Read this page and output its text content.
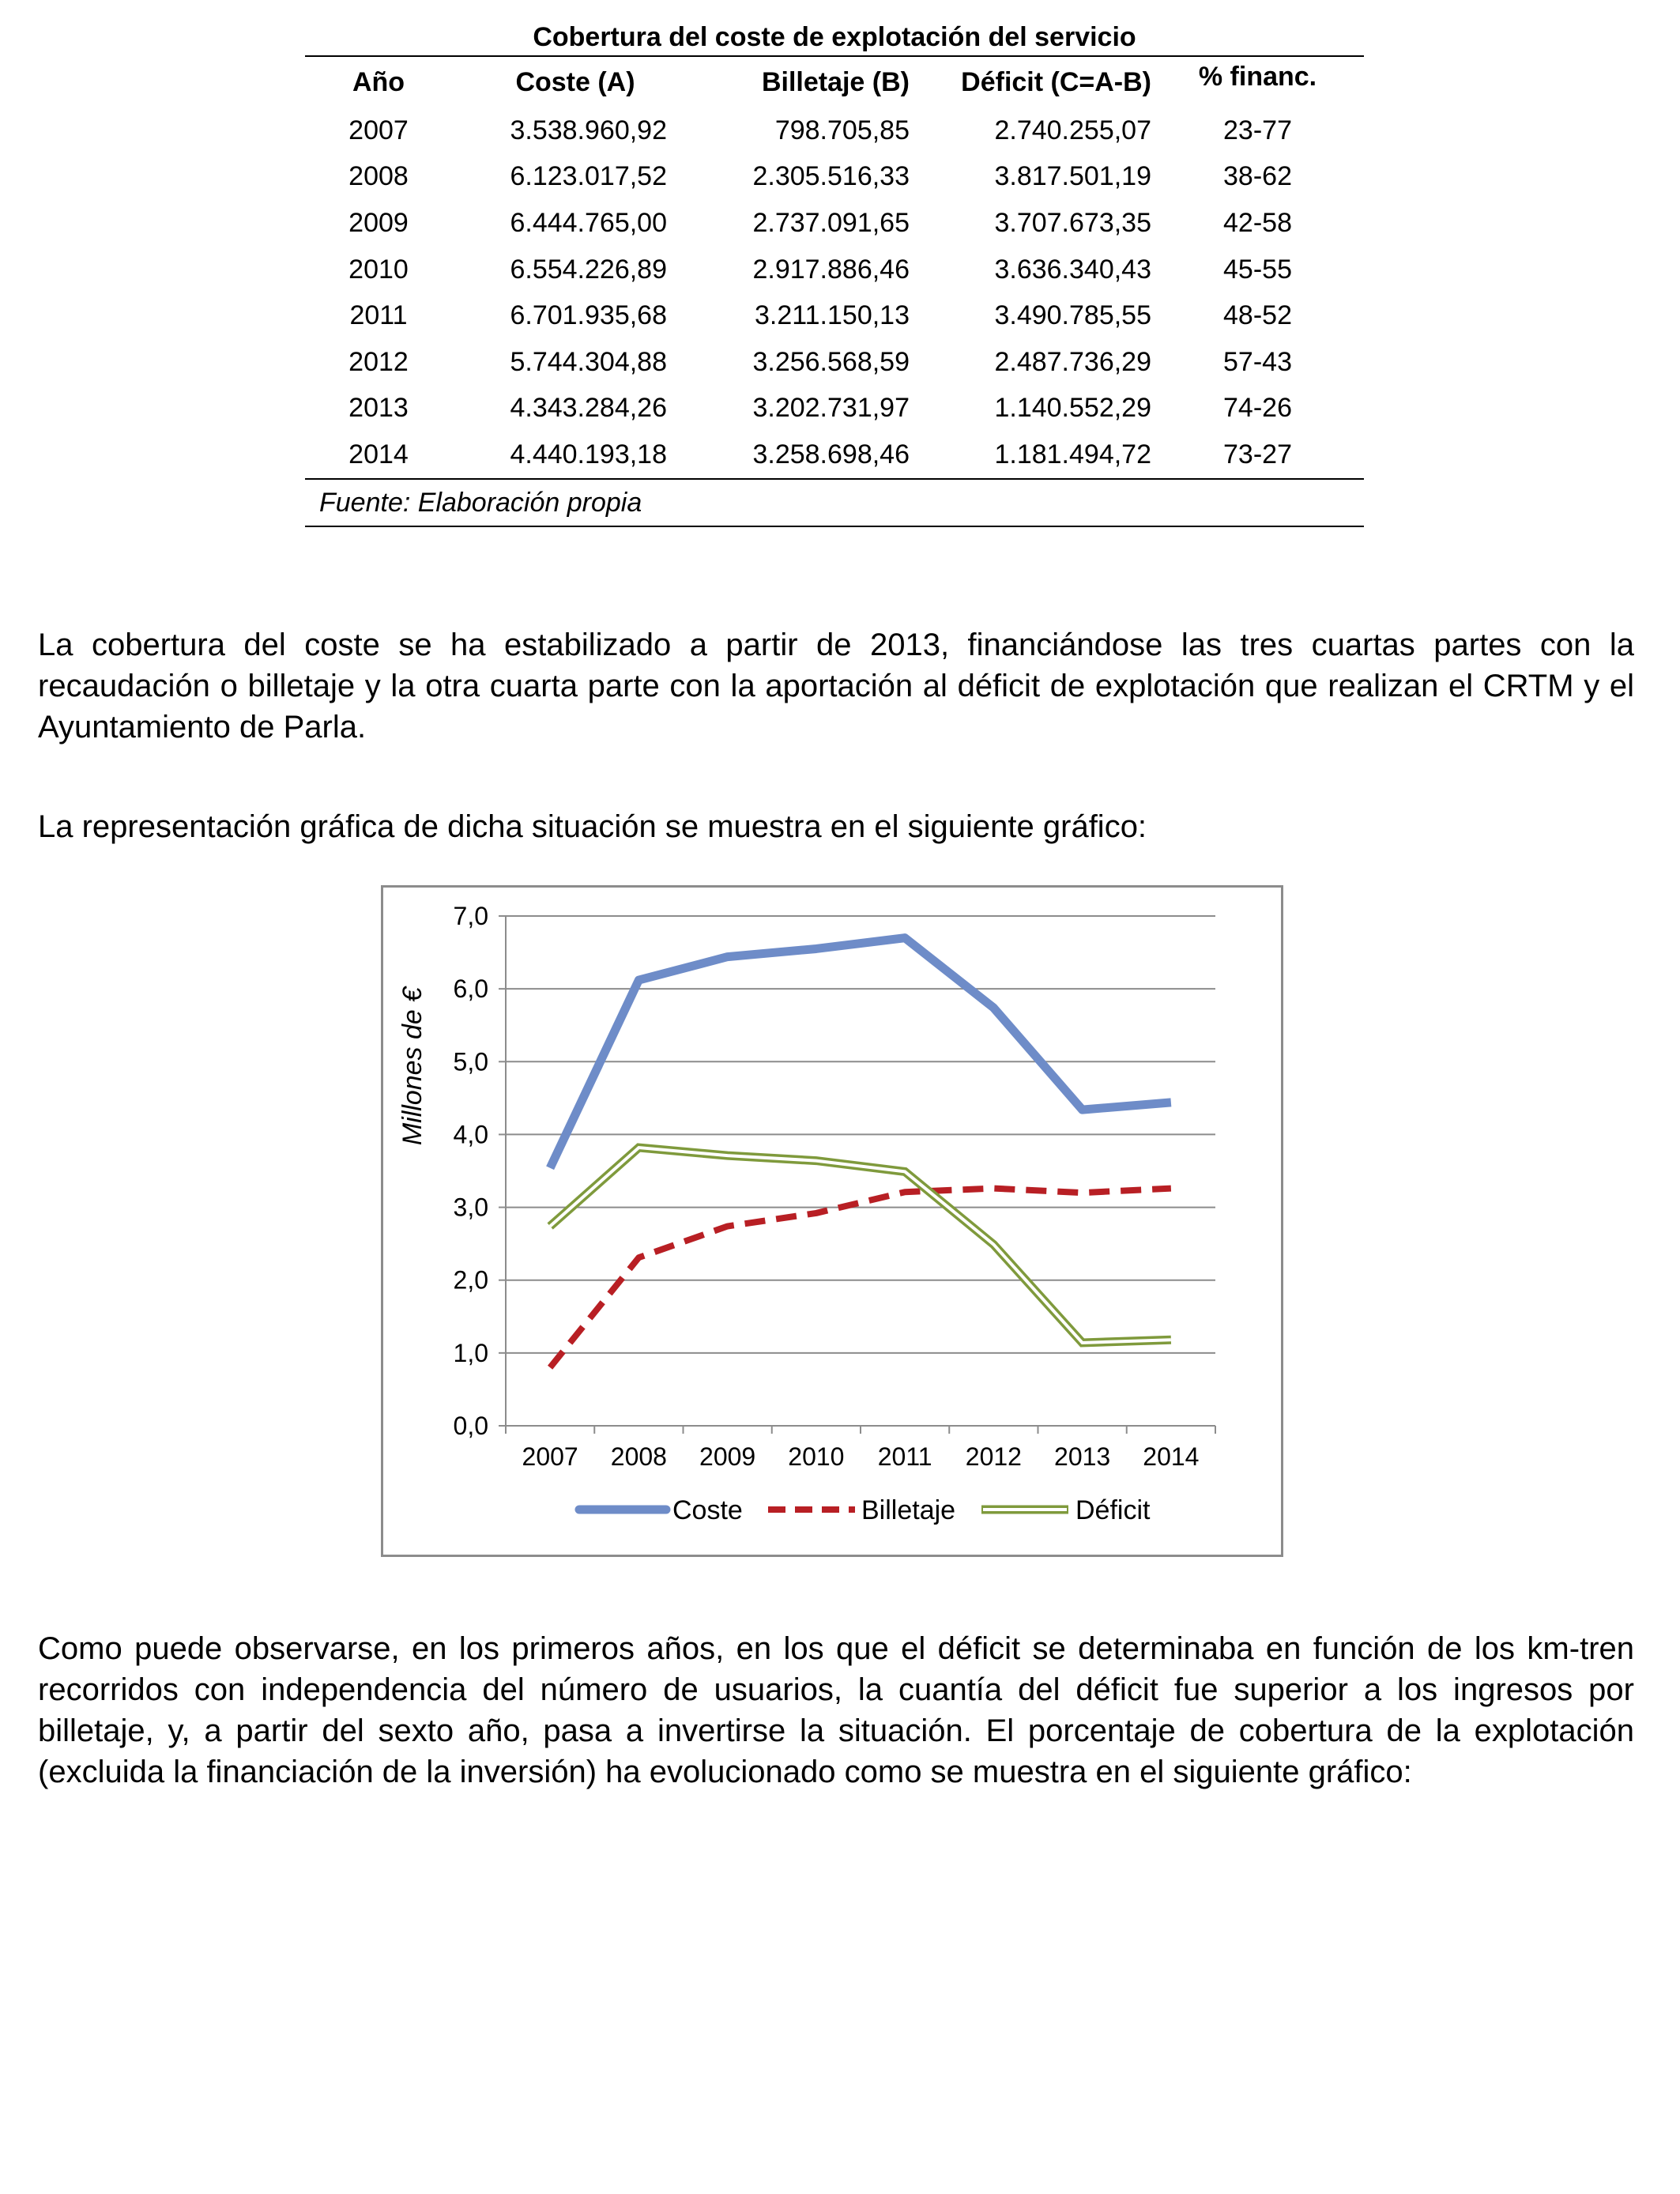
Cobertura del coste de explotación del servicio
Año	Coste (A)	Billetaje (B)	Déficit (C=A-B)	% financ.
2007	3.538.960,92	798.705,85	2.740.255,07	23-77
2008	6.123.017,52	2.305.516,33	3.817.501,19	38-62
2009	6.444.765,00	2.737.091,65	3.707.673,35	42-58
2010	6.554.226,89	2.917.886,46	3.636.340,43	45-55
2011	6.701.935,68	3.211.150,13	3.490.785,55	48-52
2012	5.744.304,88	3.256.568,59	2.487.736,29	57-43
2013	4.343.284,26	3.202.731,97	1.140.552,29	74-26
2014	4.440.193,18	3.258.698,46	1.181.494,72	73-27
Fuente: Elaboración propia

La cobertura del coste se ha estabilizado a partir de 2013, financiándose las tres cuartas partes con la recaudación o billetaje y la otra cuarta parte con la aportación al déficit de explotación que realizan el CRTM y el Ayuntamiento de Parla.

La representación gráfica de dicha situación se muestra en el siguiente gráfico:

0,0
1,0
2,0
3,0
4,0
5,0
6,0
7,0
2007 2008 2009 2010 2011 2012 2013 2014
Millones de €
Coste	Billetaje	Déficit

Como puede observarse, en los primeros años, en los que el déficit se determinaba en función de los km-tren recorridos con independencia del número de usuarios, la cuantía del déficit fue superior a los ingresos por billetaje, y, a partir del sexto año, pasa a invertirse la situación. El porcentaje de cobertura de la explotación (excluida la financiación de la inversión) ha evolucionado como se muestra en el siguiente gráfico:
